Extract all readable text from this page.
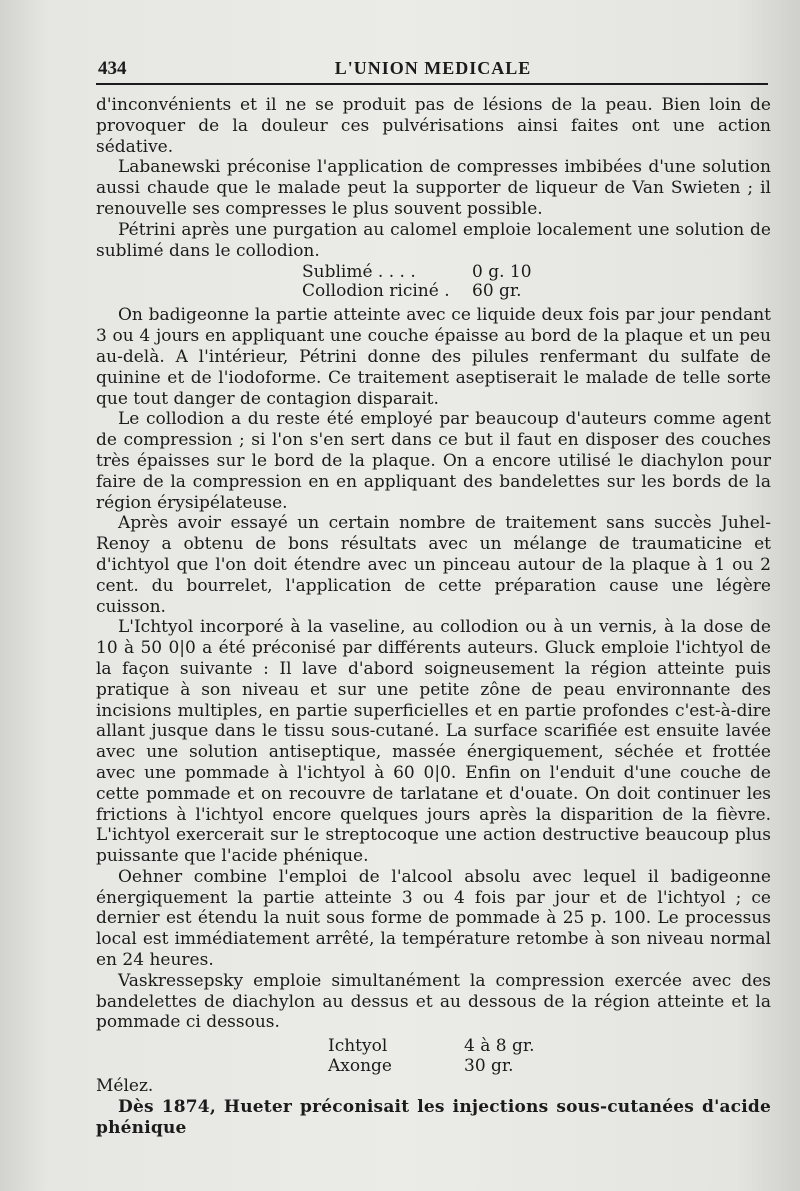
434	L'UNION MEDICALE

d'inconvénients et il ne se produit pas de lésions de la peau. Bien loin de provoquer de la douleur ces pulvérisations ainsi faites ont une action sédative.

Labanewski préconise l'application de compresses imbibées d'une solution aussi chaude que le malade peut la supporter de liqueur de Van Swieten ; il renouvelle ses compresses le plus souvent possible.

Pétrini après une purgation au calomel emploie localement une solution de sublimé dans le collodion.

Sublimé . . . .	0 g. 10
Collodion riciné .	60 gr.

On badigeonne la partie atteinte avec ce liquide deux fois par jour pendant 3 ou 4 jours en appliquant une couche épaisse au bord de la plaque et un peu au-delà. A l'intérieur, Pétrini donne des pilules renfermant du sulfate de quinine et de l'iodoforme. Ce traitement aseptiserait le malade de telle sorte que tout danger de contagion disparait.

Le collodion a du reste été employé par beaucoup d'auteurs comme agent de compression ; si l'on s'en sert dans ce but il faut en disposer des couches très épaisses sur le bord de la plaque. On a encore utilisé le diachylon pour faire de la compression en en appliquant des bandelettes sur les bords de la région érysipélateuse.

Après avoir essayé un certain nombre de traitement sans succès Juhel-Renoy a obtenu de bons résultats avec un mélange de traumaticine et d'ichtyol que l'on doit étendre avec un pinceau autour de la plaque à 1 ou 2 cent. du bourrelet, l'application de cette préparation cause une légère cuisson.

L'Ichtyol incorporé à la vaseline, au collodion ou à un vernis, à la dose de 10 à 50 0|0 a été préconisé par différents auteurs. Gluck emploie l'ichtyol de la façon suivante : Il lave d'abord soigneusement la région atteinte puis pratique à son niveau et sur une petite zône de peau environnante des incisions multiples, en partie superficielles et en partie profondes c'est-à-dire allant jusque dans le tissu sous-cutané. La surface scarifiée est ensuite lavée avec une solution antiseptique, massée énergiquement, séchée et frottée avec une pommade à l'ichtyol à 60 0|0. Enfin on l'enduit d'une couche de cette pommade et on recouvre de tarlatane et d'ouate. On doit continuer les frictions à l'ichtyol encore quelques jours après la disparition de la fièvre. L'ichtyol exercerait sur le streptocoque une action destructive beaucoup plus puissante que l'acide phénique.

Oehner combine l'emploi de l'alcool absolu avec lequel il badigeonne énergiquement la partie atteinte 3 ou 4 fois par jour et de l'ichtyol ; ce dernier est étendu la nuit sous forme de pommade à 25 p. 100. Le processus local est immédiatement arrêté, la température retombe à son niveau normal en 24 heures.

Vaskressepsky emploie simultanément la compression exercée avec des bandelettes de diachylon au dessus et au dessous de la région atteinte et la pommade ci dessous.

Ichtyol	4 à 8 gr.
Axonge	30 gr.

Mélez.

Dès 1874, Hueter préconisait les injections sous-cutanées d'acide phénique
